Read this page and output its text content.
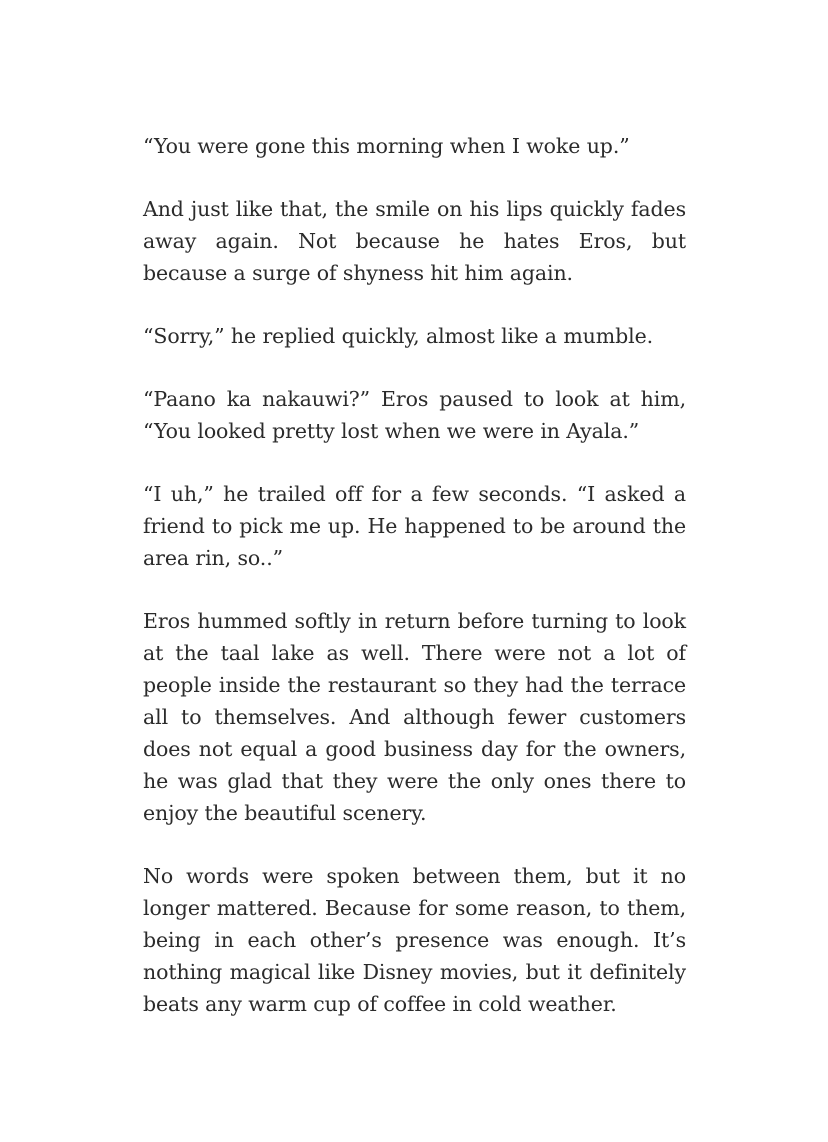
“You were gone this morning when I woke up.”

And just like that, the smile on his lips quickly fades away again. Not because he hates Eros, but because a surge of shyness hit him again.

“Sorry,” he replied quickly, almost like a mumble.

“Paano ka nakauwi?” Eros paused to look at him, “You looked pretty lost when we were in Ayala.”

“I uh,” he trailed off for a few seconds. “I asked a friend to pick me up. He happened to be around the area rin, so..”

Eros hummed softly in return before turning to look at the taal lake as well. There were not a lot of people inside the restaurant so they had the terrace all to themselves. And although fewer customers does not equal a good business day for the owners, he was glad that they were the only ones there to enjoy the beautiful scenery.

No words were spoken between them, but it no longer mattered. Because for some reason, to them, being in each other’s presence was enough. It’s nothing magical like Disney movies, but it definitely beats any warm cup of coffee in cold weather.
